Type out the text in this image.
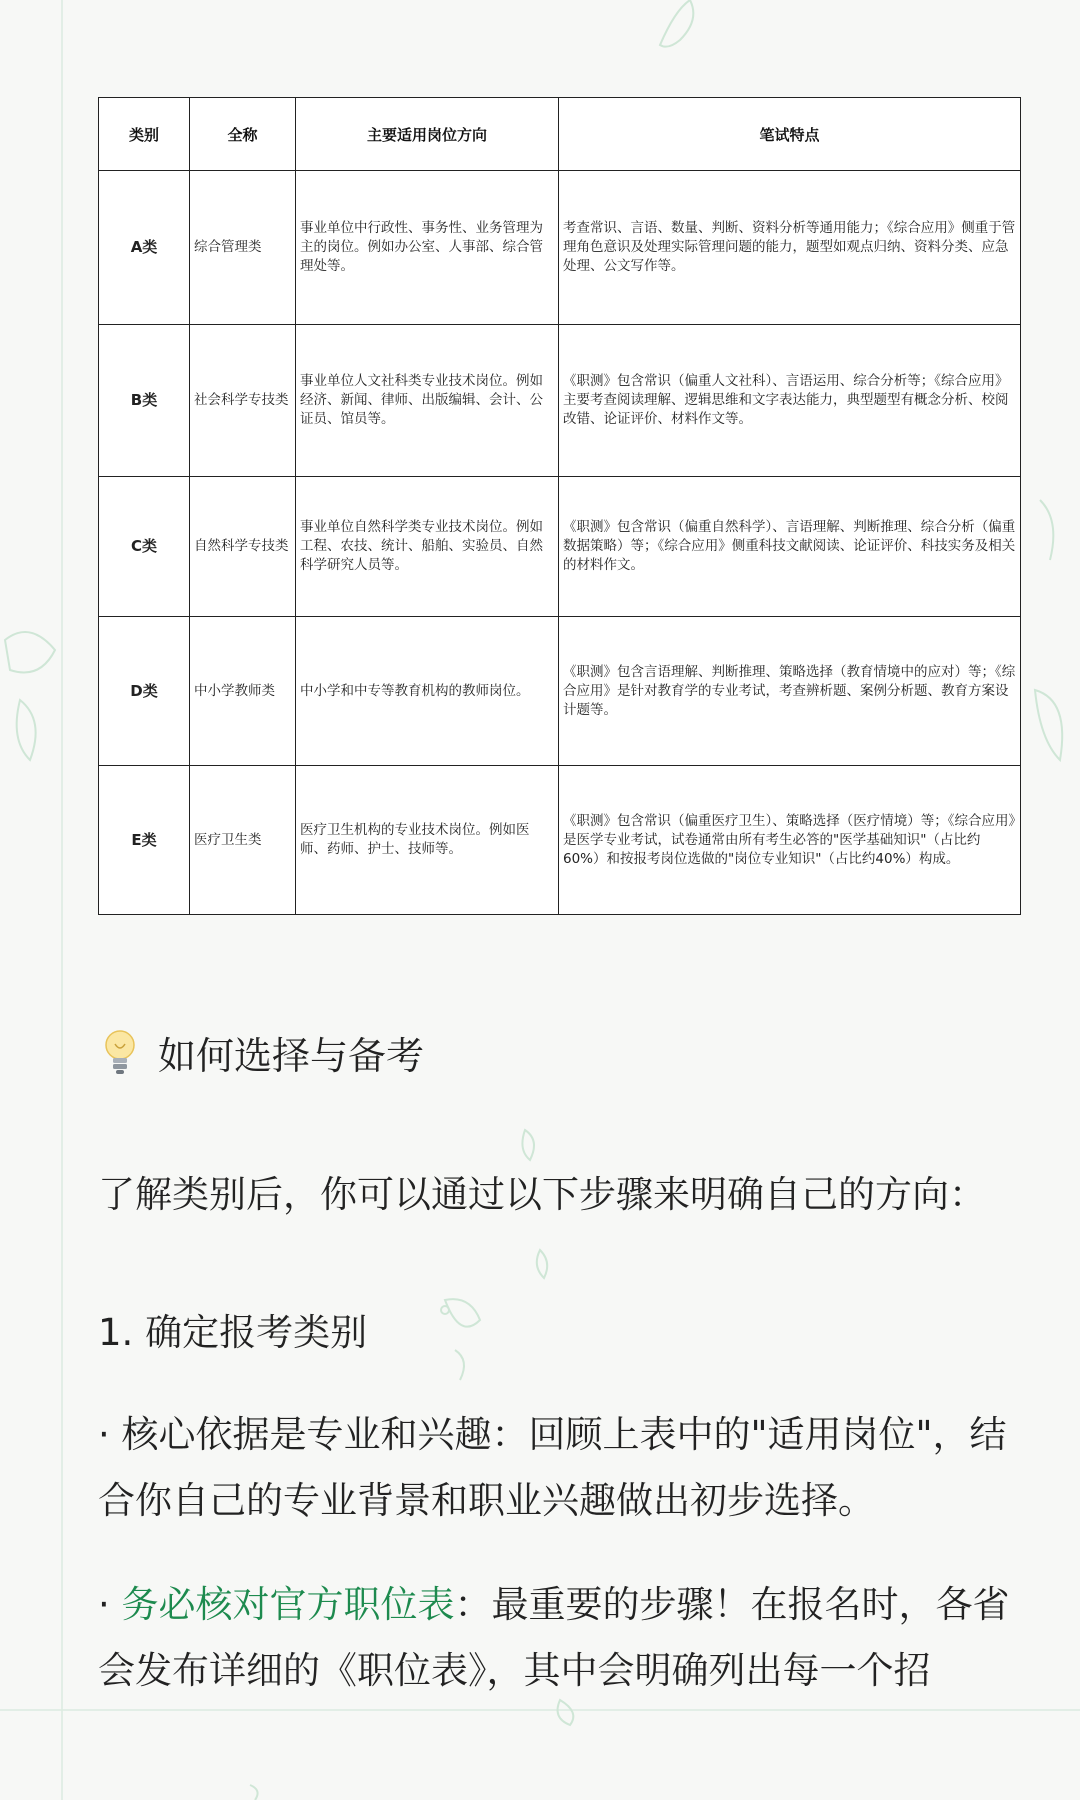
类别	全称	主要适用岗位方向	笔试特点
A类	综合管理类	事业单位中行政性、事务性、业务管理为主的岗位。例如办公室、人事部、综合管理处等。	考查常识、言语、数量、判断、资料分析等通用能力；《综合应用》侧重于管理角色意识及处理实际管理问题的能力，题型如观点归纳、资料分类、应急处理、公文写作等。
B类	社会科学专技类	事业单位人文社科类专业技术岗位。例如经济、新闻、律师、出版编辑、会计、公证员、馆员等。	《职测》包含常识（偏重人文社科）、言语运用、综合分析等；《综合应用》主要考查阅读理解、逻辑思维和文字表达能力，典型题型有概念分析、校阅改错、论证评价、材料作文等。
C类	自然科学专技类	事业单位自然科学类专业技术岗位。例如工程、农技、统计、船舶、实验员、自然科学研究人员等。	《职测》包含常识（偏重自然科学）、言语理解、判断推理、综合分析（偏重数据策略）等；《综合应用》侧重科技文献阅读、论证评价、科技实务及相关的材料作文。
D类	中小学教师类	中小学和中专等教育机构的教师岗位。	《职测》包含言语理解、判断推理、策略选择（教育情境中的应对）等；《综合应用》是针对教育学的专业考试，考查辨析题、案例分析题、教育方案设计题等。
E类	医疗卫生类	医疗卫生机构的专业技术岗位。例如医师、药师、护士、技师等。	《职测》包含常识（偏重医疗卫生）、策略选择（医疗情境）等；《综合应用》是医学专业考试，试卷通常由所有考生必答的"医学基础知识"（占比约60%）和按报考岗位选做的"岗位专业知识"（占比约40%）构成。
如何选择与备考
了解类别后，你可以通过以下步骤来明确自己的方向：
1. 确定报考类别
· 核心依据是专业和兴趣：回顾上表中的"适用岗位"，结合你自己的专业背景和职业兴趣做出初步选择。
· 务必核对官方职位表：最重要的步骤！在报名时，各省会发布详细的《职位表》，其中会明确列出每一个招
